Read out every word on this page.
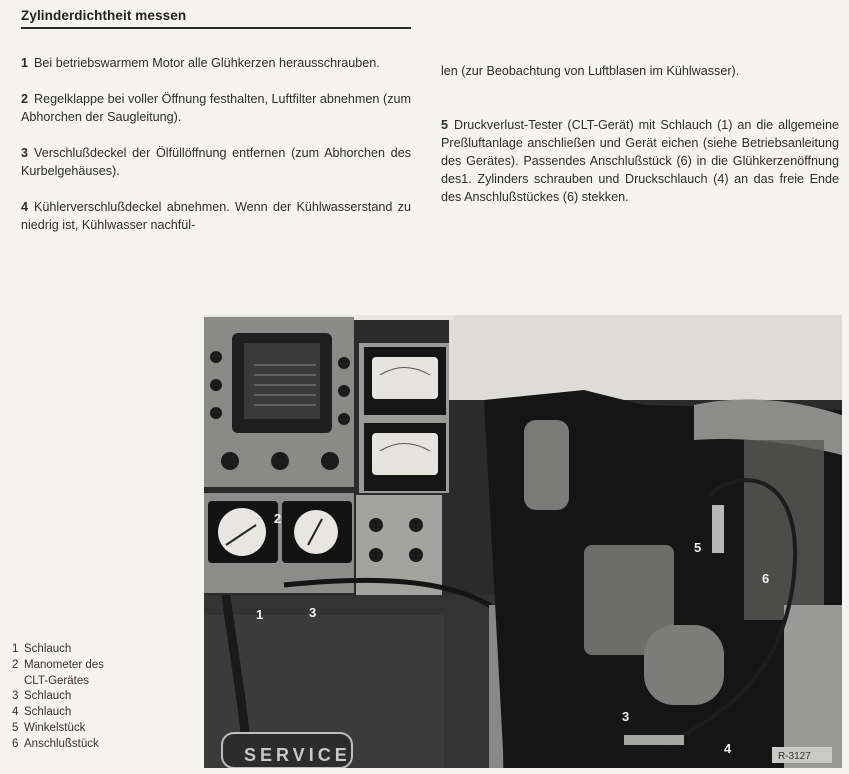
Zylinderdichtheit messen

1 Bei betriebswarmem Motor alle Glühkerzen herausschrauben.

2 Regelklappe bei voller Öffnung festhalten, Luftfilter abnehmen (zum Abhorchen der Saugleitung).

3 Verschlußdeckel der Ölfüllöffnung entfernen (zum Abhorchen des Kurbelgehäuses).

4 Kühlerverschlußdeckel abnehmen. Wenn der Kühlwasserstand zu niedrig ist, Kühlwasser nachfül-

len (zur Beobachtung von Luftblasen im Kühlwasser).

5 Druckverlust-Tester (CLT-Gerät) mit Schlauch (1) an die allgemeine Preßluftanlage anschließen und Gerät eichen (siehe Betriebsanleitung des Gerätes). Passendes Anschlußstück (6) in die Glühkerzenöffnung des1. Zylinders schrauben und Druckschlauch (4) an das freie Ende des Anschlußstückes (6) stekken.

SERVICE
1
2
3
3
4
5
6
R-3127
1 Schlauch
2 Manometer des
CLT-Gerätes
3 Schlauch
4 Schlauch
5 Winkelstück
6 Anschlußstück
